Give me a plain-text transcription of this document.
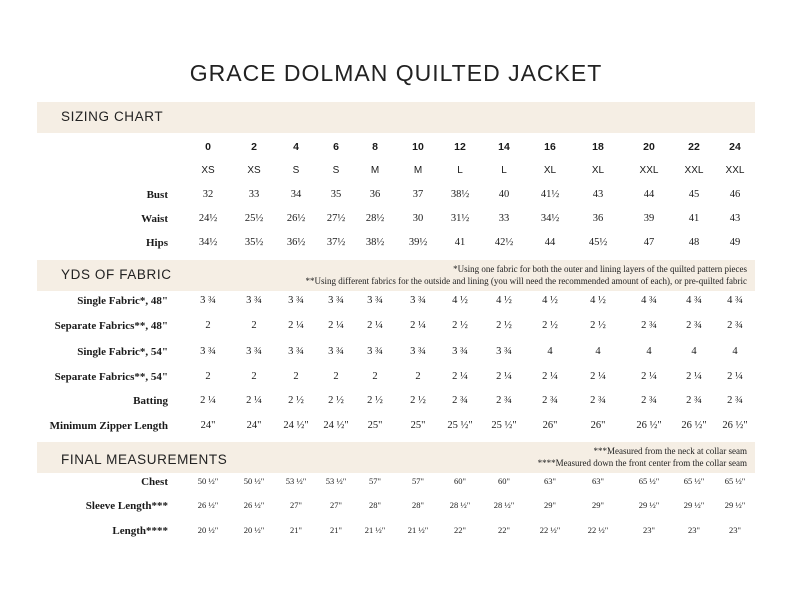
GRACE DOLMAN QUILTED JACKET
SIZING CHART
0	2	4	6	8	10	12	14	16	18	20	22	24
XS	XS	S	S	M	M	L	L	XL	XL	XXL	XXL	XXL
Bust	32	33	34	35	36	37	38½	40	41½	43	44	45	46
Waist	24½	25½	26½	27½	28½	30	31½	33	34½	36	39	41	43
Hips	34½	35½	36½	37½	38½	39½	41	42½	44	45½	47	48	49
YDS OF FABRIC	*Using one fabric for both the outer and lining layers of the quilted pattern pieces
**Using different fabrics for the outside and lining (you will need the recommended amount of each), or pre-quilted fabric
Single Fabric*, 48"	3 ¾	3 ¾	3 ¾	3 ¾	3 ¾	3 ¾	4 ½	4 ½	4 ½	4 ½	4 ¾	4 ¾	4 ¾
Separate Fabrics**, 48"	2	2	2 ¼	2 ¼	2 ¼	2 ¼	2 ½	2 ½	2 ½	2 ½	2 ¾	2 ¾	2 ¾
Single Fabric*, 54"	3 ¾	3 ¾	3 ¾	3 ¾	3 ¾	3 ¾	3 ¾	3 ¾	4	4	4	4	4
Separate Fabrics**, 54"	2	2	2	2	2	2	2 ¼	2 ¼	2 ¼	2 ¼	2 ¼	2 ¼	2 ¼
Batting	2 ¼	2 ¼	2 ½	2 ½	2 ½	2 ½	2 ¾	2 ¾	2 ¾	2 ¾	2 ¾	2 ¾	2 ¾
Minimum Zipper Length	24"	24"	24 ½"	24 ½"	25"	25"	25 ½"	25 ½"	26"	26"	26 ½"	26 ½"	26 ½"
FINAL MEASUREMENTS
***Measured from the neck at collar seam
****Measured down the front center from the collar seam
Chest	50 ½"	50 ½"	53 ½"	53 ½"	57"	57"	60"	60"	63"	63"	65 ½"	65 ½"	65 ½"
Sleeve Length***	26 ½"	26 ½"	27"	27"	28"	28"	28 ½"	28 ½"	29"	29"	29 ½"	29 ½"	29 ½"
Length****	20 ½"	20 ½"	21"	21"	21 ½"	21 ½"	22"	22"	22 ½"	22 ½"	23"	23"	23"
